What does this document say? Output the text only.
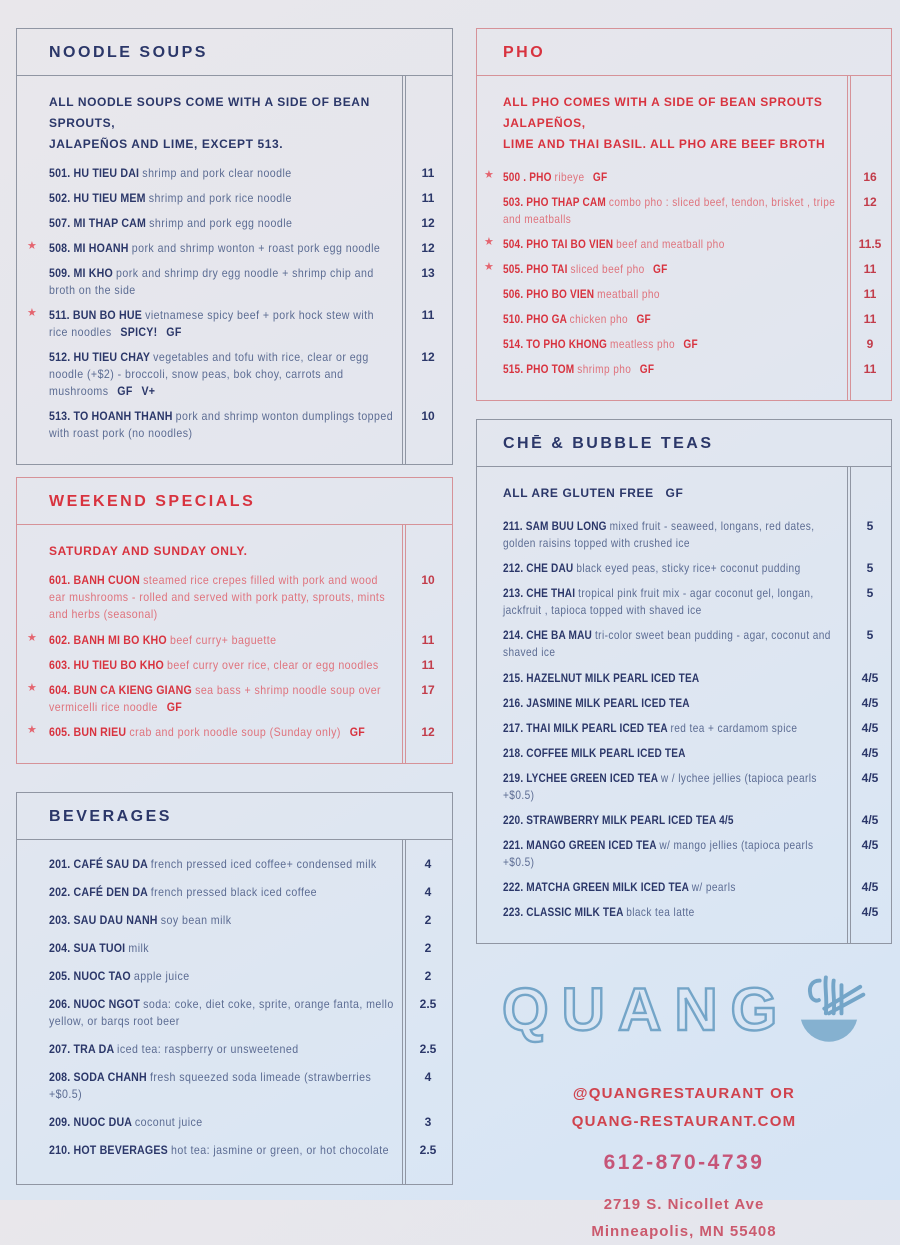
NOODLE SOUPS
ALL NOODLE SOUPS COME WITH A SIDE OF BEAN SPROUTS,
JALAPEÑOS AND LIME, EXCEPT 513.
501. HU TIEU DAI shrimp and pork clear noodle	11
502. HU TIEU MEM shrimp and pork rice noodle	11
507. MI THAP CAM shrimp and pork egg noodle	12
★ 508. MI HOANH pork and shrimp wonton + roast pork egg noodle	12
509. MI KHO pork and shrimp dry egg noodle + shrimp chip and broth on the side
13
★ 511. BUN BO HUE vietnamese spicy beef + pork hock stew with rice noodles SPICY! GF
11
512. HU TIEU CHAY vegetables and tofu with rice, clear or egg noodle (+$2) - broccoli, snow peas, bok choy, carrots and mushrooms GF V+
12
513. TO HOANH THANH pork and shrimp wonton dumplings topped with roast pork (no noodles)
10
WEEKEND SPECIALS
SATURDAY AND SUNDAY ONLY.
601. BANH CUON steamed rice crepes filled with pork and wood ear mushrooms - rolled and served with pork patty, sprouts, mints and herbs (seasonal)
10
★ 602. BANH MI BO KHO beef curry+ baguette	11
603. HU TIEU BO KHO beef curry over rice, clear or egg noodles	11
★ 604. BUN CA KIENG GIANG sea bass + shrimp noodle soup over vermicelli rice noodle GF
17
★ 605. BUN RIEU crab and pork noodle soup (Sunday only) GF	12
BEVERAGES
201. CAFÉ SAU DA french pressed iced coffee+ condensed milk	4
202. CAFÉ DEN DA french pressed black iced coffee	4
203. SAU DAU NANH soy bean milk	2
204. SUA TUOI milk	2
205. NUOC TAO apple juice	2
206. NUOC NGOT soda: coke, diet coke, sprite, orange fanta, mello yellow, or barqs root beer
2.5
207. TRA DA iced tea: raspberry or unsweetened	2.5
208. SODA CHANH fresh squeezed soda limeade (strawberries +$0.5)
4
209. NUOC DUA coconut juice	3
210. HOT BEVERAGES hot tea: jasmine or green, or hot chocolate	2.5
PHO
ALL PHO COMES WITH A SIDE OF BEAN SPROUTS JALAPEÑOS,
LIME AND THAI BASIL. ALL PHO ARE BEEF BROTH
★ 500 . PHO ribeye GF	16
503. PHO THAP CAM combo pho : sliced beef, tendon, brisket , tripe and meatballs
12
★ 504. PHO TAI BO VIEN beef and meatball pho	11.5
★ 505. PHO TAI sliced beef pho GF	11
506. PHO BO VIEN meatball pho	11
510. PHO GA chicken pho GF	11
514. TO PHO KHONG meatless pho GF	9
515. PHO TOM shrimp pho GF	11
CHĒ & BUBBLE TEAS
ALL ARE GLUTEN FREE   GF
211. SAM BUU LONG mixed fruit - seaweed, longans, red dates, golden raisins topped with crushed ice
5
212. CHE DAU black eyed peas, sticky rice+ coconut pudding	5
213. CHE THAI tropical pink fruit mix - agar coconut gel, longan, jackfruit , tapioca topped with shaved ice
5
214. CHE BA MAU tri-color sweet bean pudding - agar, coconut and shaved ice
5
215. HAZELNUT MILK PEARL ICED TEA	4/5
216. JASMINE MILK PEARL ICED TEA	4/5
217. THAI MILK PEARL ICED TEA red tea + cardamom spice	4/5
218. COFFEE MILK PEARL ICED TEA	4/5
219. LYCHEE GREEN ICED TEA w / lychee jellies (tapioca pearls +$0.5)
4/5
220. STRAWBERRY MILK PEARL ICED TEA 4/5	4/5
221. MANGO GREEN ICED TEA w/ mango jellies (tapioca pearls +$0.5)
4/5
222. MATCHA GREEN MILK ICED TEA w/ pearls	4/5
223. CLASSIC MILK TEA black tea latte	4/5
QUANG
@QUANGRESTAURANT OR
QUANG-RESTAURANT.COM
612-870-4739
2719 S. Nicollet Ave
Minneapolis, MN 55408
